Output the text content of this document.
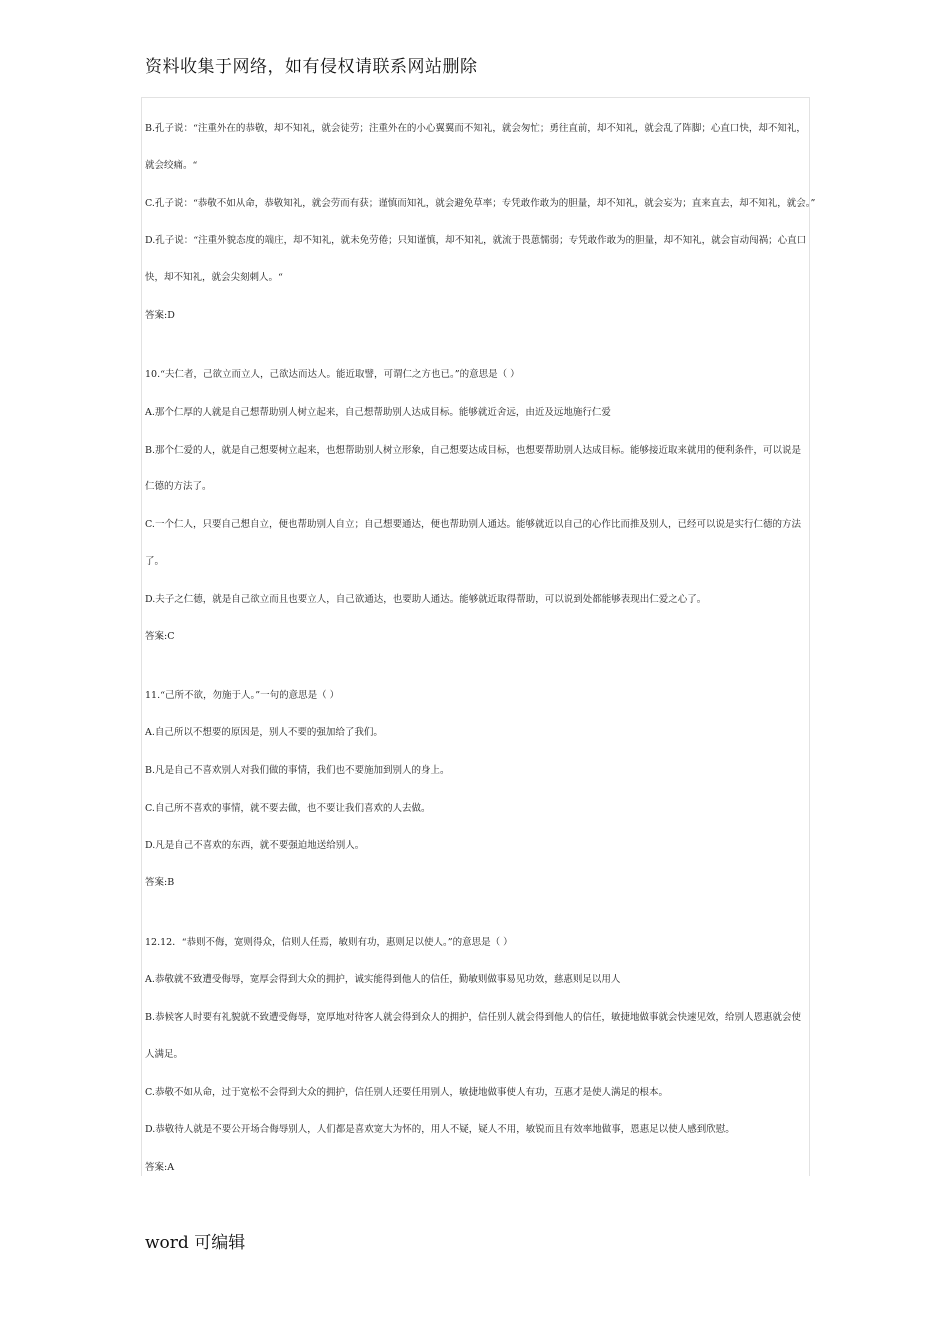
资料收集于网络，如有侵权请联系网站删除
B.孔子说：“注重外在的恭敬，却不知礼，就会徒劳；注重外在的小心翼翼而不知礼，就会匆忙；勇往直前，却不知礼，就会乱了阵脚；心直口快，却不知礼，
就会绞痛。“
C.孔子说：“恭敬不如从命，恭敬知礼，就会劳而有获；谨慎而知礼，就会避免草率；专凭敢作敢为的胆量，却不知礼，就会妄为；直来直去，却不知礼，就会。”
D.孔子说：“注重外貌态度的端庄，却不知礼，就未免劳倦；只知谨慎，却不知礼，就流于畏葸懦弱；专凭敢作敢为的胆量，却不知礼，就会盲动闯祸；心直口
快，却不知礼，就会尖刻刺人。“
答案:D
10.“夫仁者，己欲立而立人，己欲达而达人。能近取譬，可谓仁之方也已。”的意思是（ ）
A.那个仁厚的人就是自己想帮助别人树立起来，自己想帮助别人达成目标。能够就近舍远，由近及远地施行仁爱
B.那个仁爱的人，就是自己想要树立起来，也想帮助别人树立形象，自己想要达成目标，也想要帮助别人达成目标。能够接近取来就用的便利条件，可以说是
仁德的方法了。
C.一个仁人，只要自己想自立，便也帮助别人自立；自己想要通达，便也帮助别人通达。能够就近以自己的心作比而推及别人，已经可以说是实行仁德的方法
了。
D.夫子之仁德，就是自己欲立而且也要立人，自己欲通达，也要助人通达。能够就近取得帮助，可以说到处都能够表现出仁爱之心了。
答案:C
11.“己所不欲，勿施于人。”一句的意思是（ ）
A.自己所以不想要的原因是，别人不要的强加给了我们。
B.凡是自己不喜欢别人对我们做的事情，我们也不要施加到别人的身上。
C.自己所不喜欢的事情，就不要去做，也不要让我们喜欢的人去做。
D.凡是自己不喜欢的东西，就不要强迫地送给别人。
答案:B
12.12．“恭则不侮，宽则得众，信则人任焉，敏则有功，惠则足以使人。”的意思是（ ）
A.恭敬就不致遭受侮辱，宽厚会得到大众的拥护，诚实能得到他人的信任，勤敏则做事易见功效，慈惠则足以用人
B.恭候客人时要有礼貌就不致遭受侮辱，宽厚地对待客人就会得到众人的拥护，信任别人就会得到他人的信任，敏捷地做事就会快速见效，给别人恩惠就会使
人满足。
C.恭敬不如从命，过于宽松不会得到大众的拥护，信任别人还要任用别人，敏捷地做事使人有功，互惠才是使人满足的根本。
D.恭敬待人就是不要公开场合侮辱别人，人们都是喜欢宽大为怀的，用人不疑，疑人不用，敏锐而且有效率地做事，恩惠足以使人感到欣慰。
答案:A
word 可编辑
